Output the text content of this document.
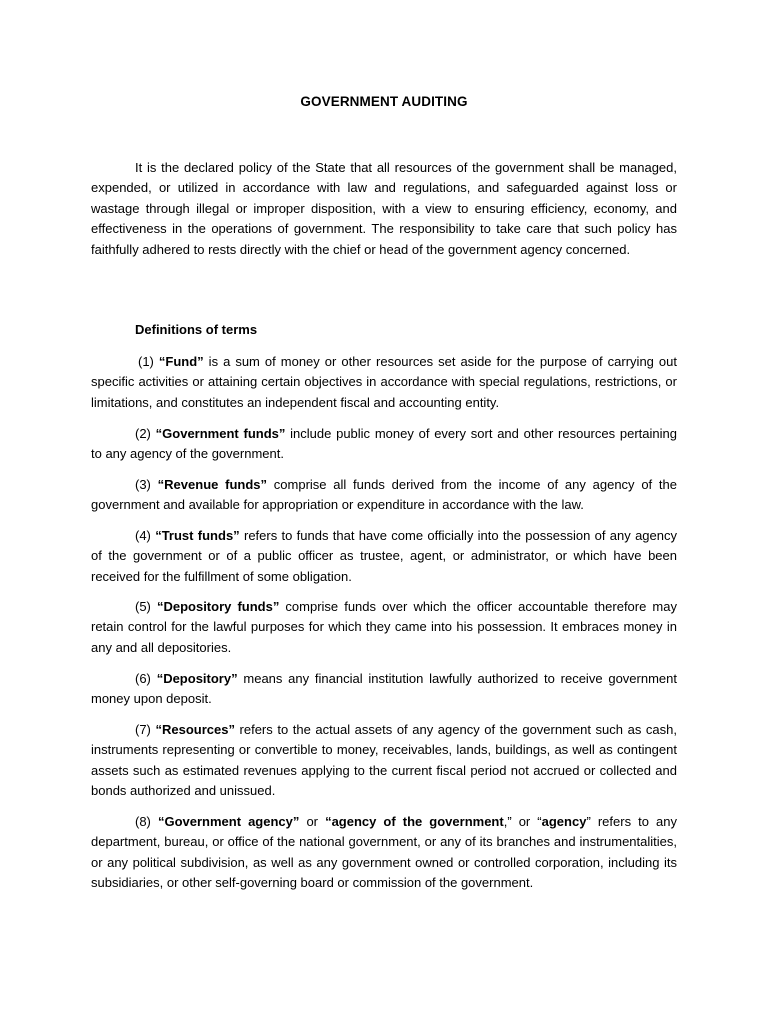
GOVERNMENT AUDITING

It is the declared policy of the State that all resources of the government shall be managed, expended, or utilized in accordance with law and regulations, and safeguarded against loss or wastage through illegal or improper disposition, with a view to ensuring efficiency, economy, and effectiveness in the operations of government. The responsibility to take care that such policy has faithfully adhered to rests directly with the chief or head of the government agency concerned.

Definitions of terms

(1) “Fund” is a sum of money or other resources set aside for the purpose of carrying out specific activities or attaining certain objectives in accordance with special regulations, restrictions, or limitations, and constitutes an independent fiscal and accounting entity.

(2) “Government funds” include public money of every sort and other resources pertaining to any agency of the government.

(3) “Revenue funds” comprise all funds derived from the income of any agency of the government and available for appropriation or expenditure in accordance with the law.

(4) “Trust funds” refers to funds that have come officially into the possession of any agency of the government or of a public officer as trustee, agent, or administrator, or which have been received for the fulfillment of some obligation.

(5) “Depository funds” comprise funds over which the officer accountable therefore may retain control for the lawful purposes for which they came into his possession. It embraces money in any and all depositories.

(6) “Depository” means any financial institution lawfully authorized to receive government money upon deposit.

(7) “Resources” refers to the actual assets of any agency of the government such as cash, instruments representing or convertible to money, receivables, lands, buildings, as well as contingent assets such as estimated revenues applying to the current fiscal period not accrued or collected and bonds authorized and unissued.

(8) “Government agency” or “agency of the government,” or “agency” refers to any department, bureau, or office of the national government, or any of its branches and instrumentalities, or any political subdivision, as well as any government owned or controlled corporation, including its subsidiaries, or other self-governing board or commission of the government.
